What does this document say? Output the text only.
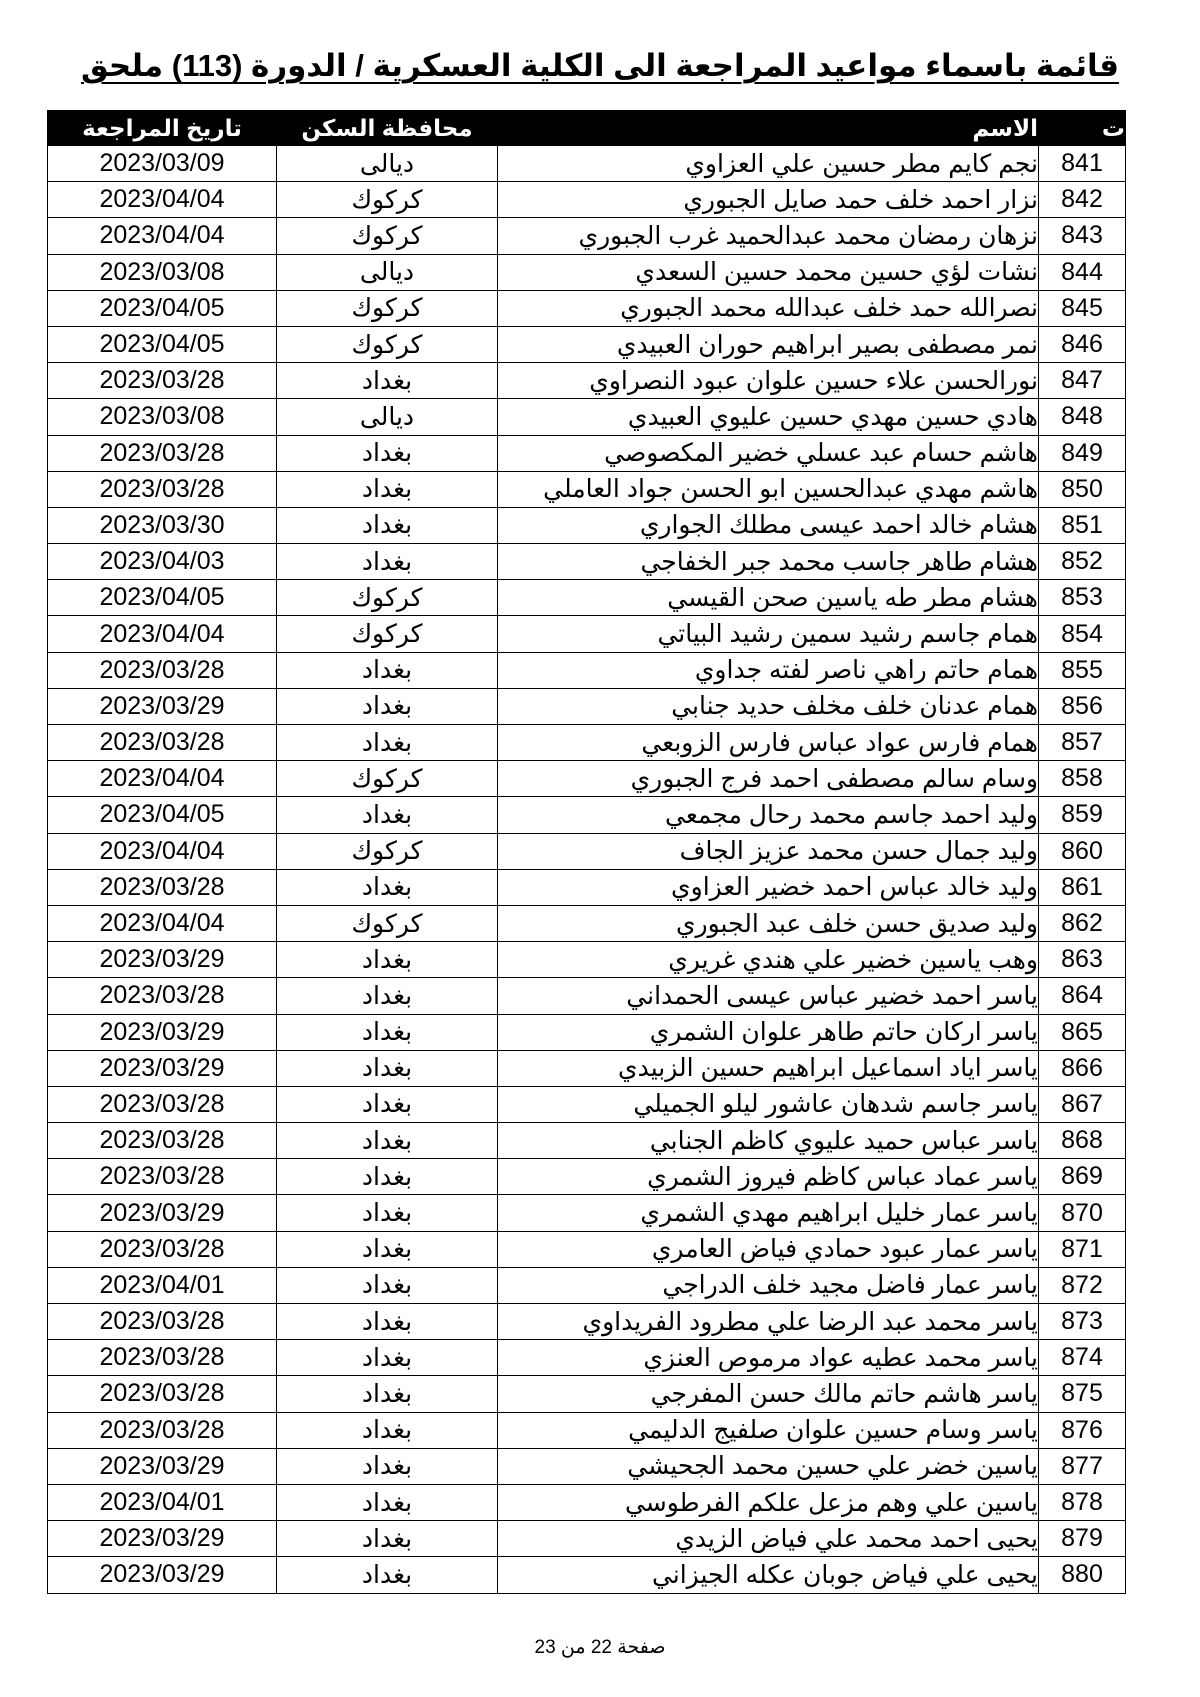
قائمة باسماء مواعيد المراجعة الى الكلية العسكرية / الدورة (113) ملحق
ت	الاسم	محافظة السكن	تاريخ المراجعة
841	نجم كايم مطر حسين علي العزاوي	ديالى	2023/03/09
842	نزار احمد خلف حمد صايل الجبوري	كركوك	2023/04/04
843	نزهان رمضان محمد عبدالحميد غرب الجبوري	كركوك	2023/04/04
844	نشات لؤي حسين محمد حسين السعدي	ديالى	2023/03/08
845	نصرالله حمد خلف عبدالله محمد الجبوري	كركوك	2023/04/05
846	نمر مصطفى بصير ابراهيم حوران العبيدي	كركوك	2023/04/05
847	نورالحسن علاء حسين علوان عبود النصراوي	بغداد	2023/03/28
848	هادي حسين مهدي حسين عليوي العبيدي	ديالى	2023/03/08
849	هاشم حسام عبد عسلي خضير المكصوصي	بغداد	2023/03/28
850	هاشم مهدي عبدالحسين ابو الحسن جواد العاملي	بغداد	2023/03/28
851	هشام خالد احمد عيسى مطلك الجواري	بغداد	2023/03/30
852	هشام طاهر جاسب محمد جبر الخفاجي	بغداد	2023/04/03
853	هشام مطر طه ياسين صحن القيسي	كركوك	2023/04/05
854	همام جاسم رشيد سمين رشيد البياتي	كركوك	2023/04/04
855	همام حاتم راهي ناصر لفته جداوي	بغداد	2023/03/28
856	همام عدنان خلف مخلف حديد جنابي	بغداد	2023/03/29
857	همام فارس عواد عباس فارس الزوبعي	بغداد	2023/03/28
858	وسام سالم مصطفى احمد فرج الجبوري	كركوك	2023/04/04
859	وليد احمد جاسم محمد رحال مجمعي	بغداد	2023/04/05
860	وليد جمال حسن محمد عزيز الجاف	كركوك	2023/04/04
861	وليد خالد عباس احمد خضير العزاوي	بغداد	2023/03/28
862	وليد صديق حسن خلف عبد الجبوري	كركوك	2023/04/04
863	وهب ياسين خضير علي هندي غريري	بغداد	2023/03/29
864	ياسر احمد خضير عباس عيسى الحمداني	بغداد	2023/03/28
865	ياسر اركان حاتم طاهر علوان الشمري	بغداد	2023/03/29
866	ياسر اياد اسماعيل ابراهيم حسين الزبيدي	بغداد	2023/03/29
867	ياسر جاسم شدهان عاشور ليلو الجميلي	بغداد	2023/03/28
868	ياسر عباس حميد عليوي كاظم الجنابي	بغداد	2023/03/28
869	ياسر عماد عباس كاظم فيروز الشمري	بغداد	2023/03/28
870	ياسر عمار خليل ابراهيم مهدي الشمري	بغداد	2023/03/29
871	ياسر عمار عبود حمادي فياض العامري	بغداد	2023/03/28
872	ياسر عمار فاضل مجيد خلف الدراجي	بغداد	2023/04/01
873	ياسر محمد عبد الرضا علي مطرود الفريداوي	بغداد	2023/03/28
874	ياسر محمد عطيه عواد مرموص العنزي	بغداد	2023/03/28
875	ياسر هاشم حاتم مالك حسن المفرجي	بغداد	2023/03/28
876	ياسر وسام حسين علوان صلفيج الدليمي	بغداد	2023/03/28
877	ياسين خضر علي حسين محمد الجحيشي	بغداد	2023/03/29
878	ياسين علي وهم مزعل علكم الفرطوسي	بغداد	2023/04/01
879	يحيى احمد محمد علي فياض الزيدي	بغداد	2023/03/29
880	يحيى علي فياض جوبان عكله الجيزاني	بغداد	2023/03/29
صفحة 22 من 23
